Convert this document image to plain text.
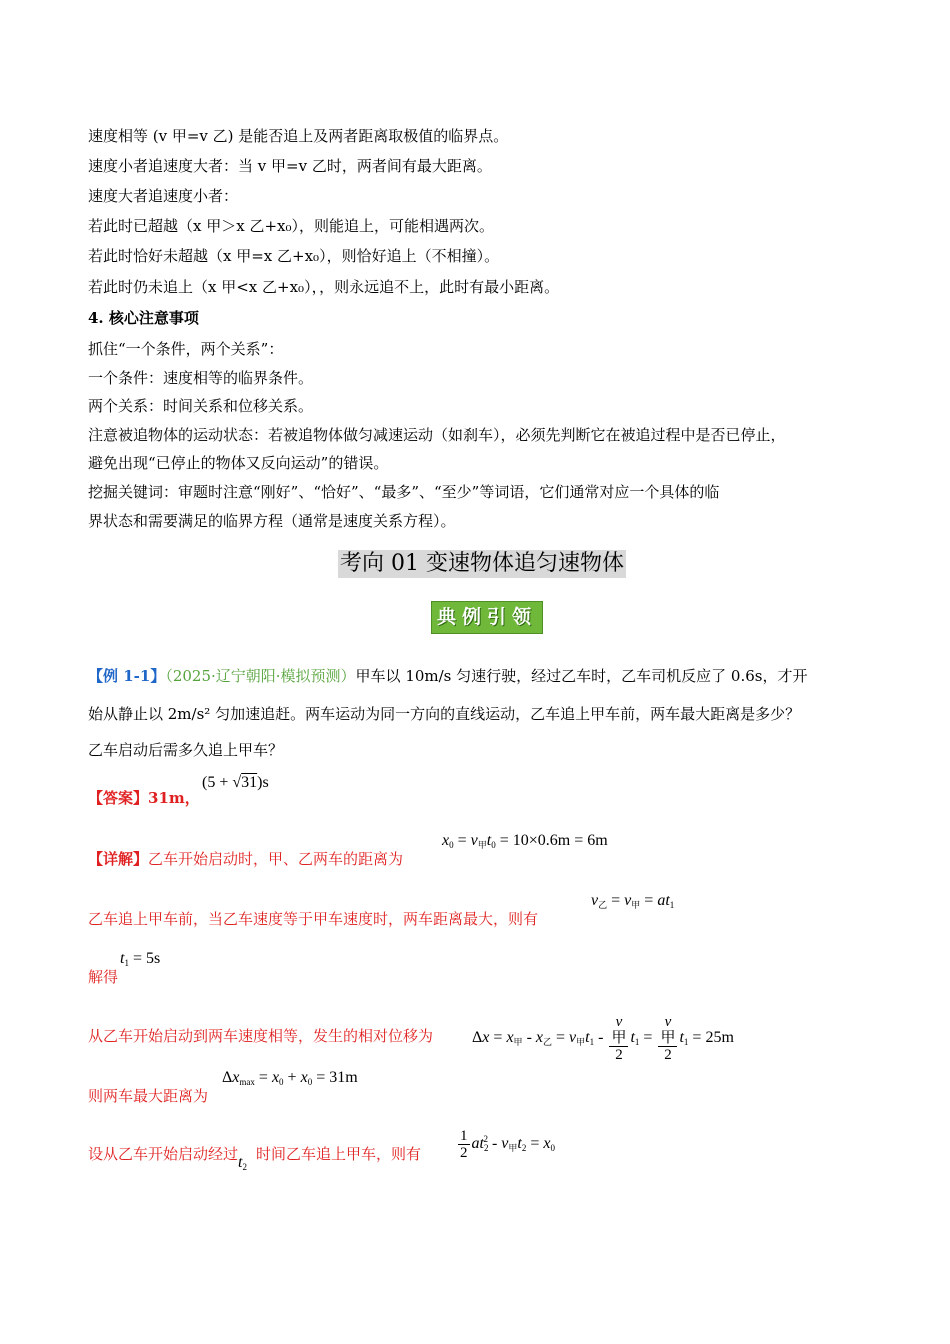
速度相等 (v 甲=v 乙) 是能否追上及两者距离取极值的临界点。
速度小者追速度大者：当 v 甲=v 乙时，两者间有最大距离。
速度大者追速度小者：
若此时已超越（x 甲＞x 乙+x₀），则能追上，可能相遇两次。
若此时恰好未超越（x 甲=x 乙+x₀），则恰好追上（不相撞）。
若此时仍未追上（x 甲<x 乙+x₀），，则永远追不上，此时有最小距离。
4. 核心注意事项
抓住“一个条件，两个关系”：
一个条件：速度相等的临界条件。
两个关系：时间关系和位移关系。
注意被追物体的运动状态：若被追物体做匀减速运动（如刹车），必须先判断它在被追过程中是否已停止，
避免出现“已停止的物体又反向运动”的错误。
挖掘关键词：审题时注意“刚好”、“恰好”、“最多”、“至少”等词语，它们通常对应一个具体的临
界状态和需要满足的临界方程（通常是速度关系方程）。
考向 01 变速物体追匀速物体
典例引领
【例 1-1】（2025·辽宁朝阳·模拟预测）甲车以 10m/s 匀速行驶，经过乙车时，乙车司机反应了 0.6s，才开
始从静止以 2m/s² 匀加速追赶。两车运动为同一方向的直线运动，乙车追上甲车前，两车最大距离是多少？
乙车启动后需多久追上甲车？
【答案】31m，
(5 + √31)s
【详解】乙车开始启动时，甲、乙两车的距离为
$x_0 = v_甲t_0 = 10\times 0.6m = 6m$
乙车追上甲车前，当乙车速度等于甲车速度时，两车距离最大，则有
$v_乙 = v_甲 = at_1$
解得
$t_1 = 5s$
从乙车开始启动到两车速度相等，发生的相对位移为 $\Delta x = x_甲 - x_乙 = v_甲t_1 - v$
甲
2 $t_1 = v$
甲
2 $t_1 = 25m$
则两车最大距离为
$\Delta x_{max} = x_0 + x_0 = 31m$
设从乙车开始启动经过$t_2$时间乙车追上甲车，则有 $\frac{1}{2} at_2^2 - v_甲t_2 = x_0$
